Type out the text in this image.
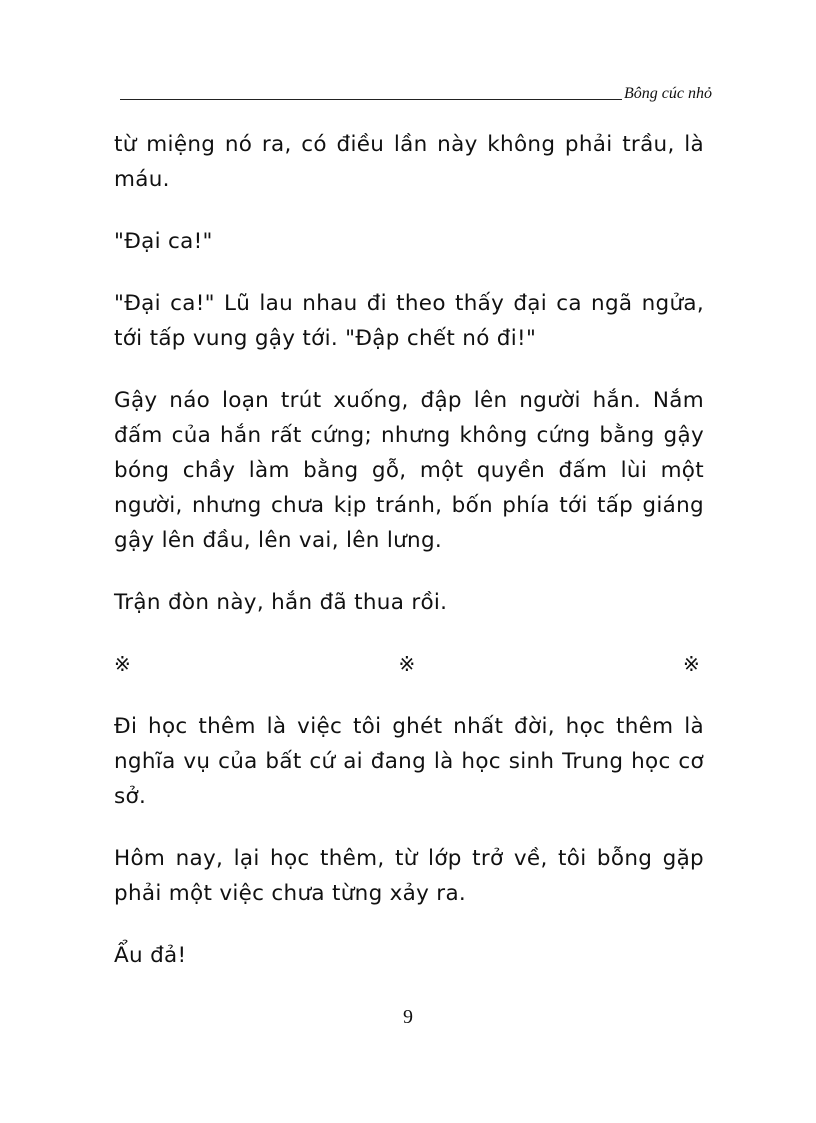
Bông cúc nhỏ

từ miệng nó ra, có điều lần này không phải trầu, là máu.

"Đại ca!"

"Đại ca!" Lũ lau nhau đi theo thấy đại ca ngã ngửa, tới tấp vung gậy tới. "Đập chết nó đi!"

Gậy náo loạn trút xuống, đập lên người hắn. Nắm đấm của hắn rất cứng; nhưng không cứng bằng gậy bóng chầy làm bằng gỗ, một quyền đấm lùi một người, nhưng chưa kịp tránh, bốn phía tới tấp giáng gậy lên đầu, lên vai, lên lưng.

Trận đòn này, hắn đã thua rồi.

※	※	※

Đi học thêm là việc tôi ghét nhất đời, học thêm là nghĩa vụ của bất cứ ai đang là học sinh Trung học cơ sở.

Hôm nay, lại học thêm, từ lớp trở về, tôi bỗng gặp phải một việc chưa từng xảy ra.

Ẩu đả!

9
